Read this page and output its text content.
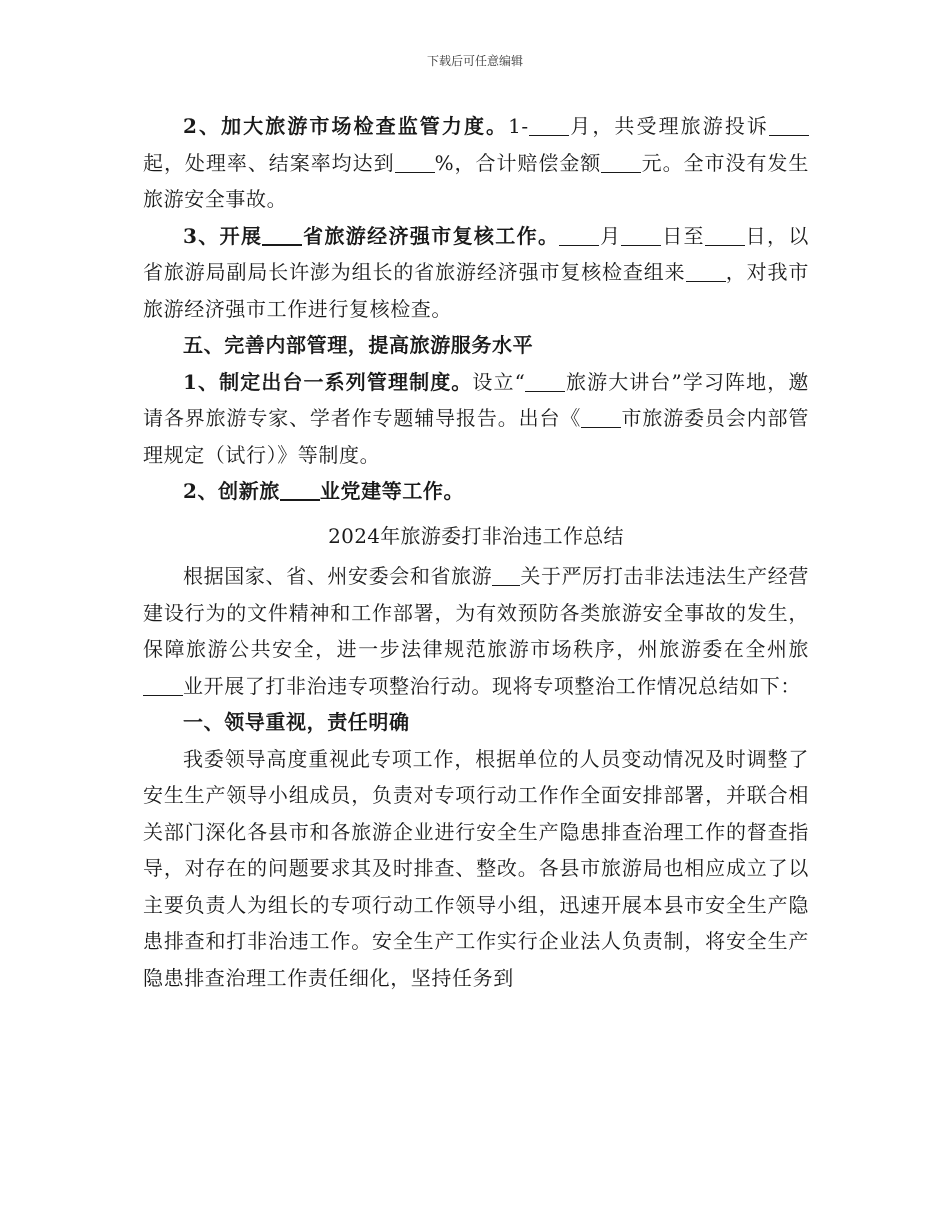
下载后可任意编辑

2、加大旅游市场检查监管力度。1- 月，共受理旅游投诉起，处理率、结案率均达到 %，合计赔偿金额 元。全市没有发生旅游安全事故。

3、开展 省旅游经济强市复核工作。 月 日至 日，以省旅游局副局长许澎为组长的省旅游经济强市复核检查组来 ，对我市旅游经济强市工作进行复核检查。

五、完善内部管理，提高旅游服务水平

1、制定出台一系列管理制度。设立“ 旅游大讲台”学习阵地，邀请各界旅游专家、学者作专题辅导报告。出台《 市旅游委员会内部管理规定（试行）》等制度。

2、创新旅 业党建等工作。

2024年旅游委打非治违工作总结

根据国家、省、州安委会和省旅游 关于严厉打击非法违法生产经营建设行为的文件精神和工作部署，为有效预防各类旅游安全事故的发生，保障旅游公共安全，进一步法律规范旅游市场秩序，州旅游委在全州旅业开展了打非治违专项整治行动。现将专项整治工作情况总结如下：

一、领导重视，责任明确

我委领导高度重视此专项工作，根据单位的人员变动情况及时调整了安生生产领导小组成员，负责对专项行动工作作全面安排部署，并联合相关部门深化各县市和各旅游企业进行安全生产隐患排查治理工作的督查指导，对存在的问题要求其及时排查、整改。各县市旅游局也相应成立了以主要负责人为组长的专项行动工作领导小组，迅速开展本县市安全生产隐患排查和打非治违工作。安全生产工作实行企业法人负责制，将安全生产隐患排查治理工作责任细化，坚持任务到
